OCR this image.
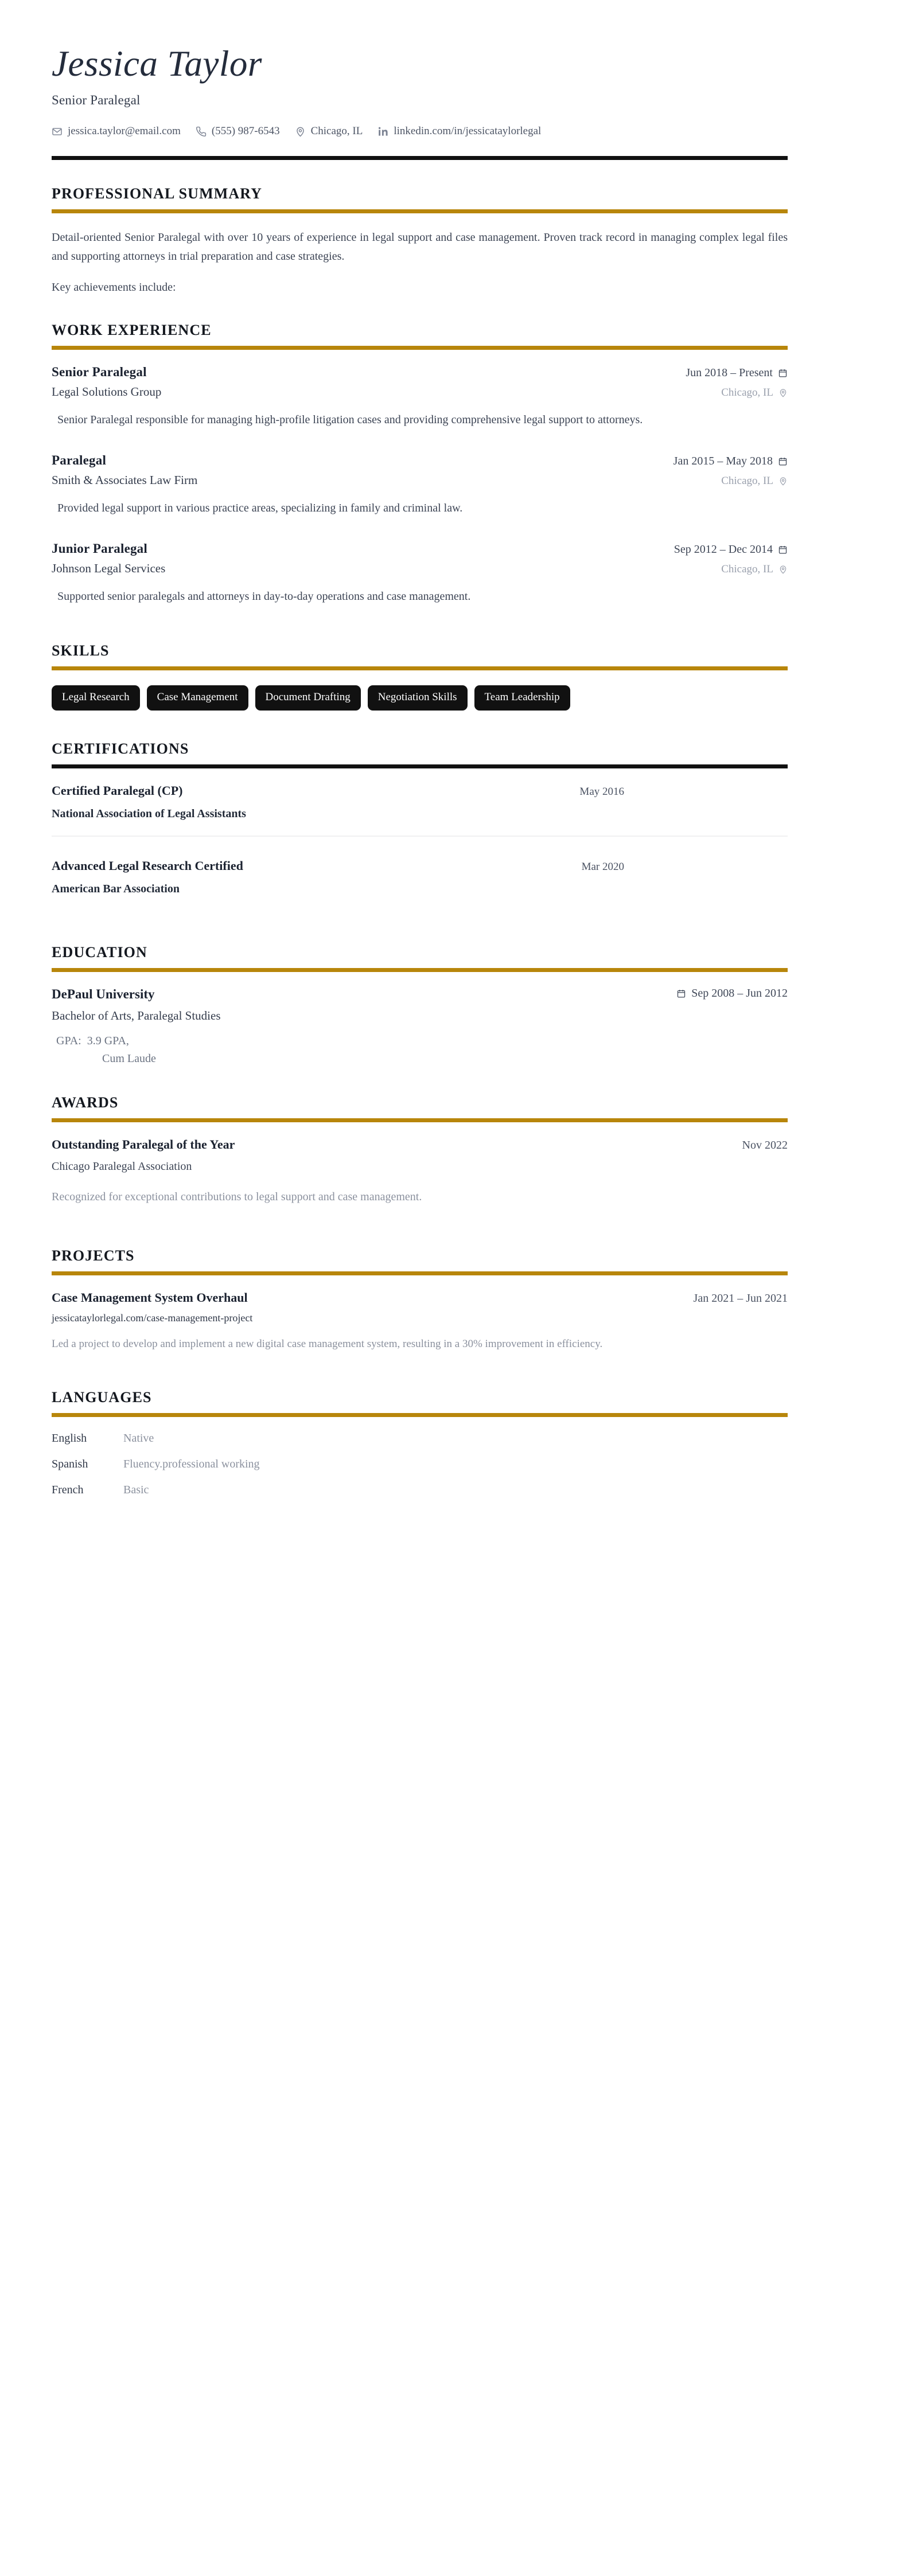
Jessica Taylor
Senior Paralegal
jessica.taylor@email.com	(555) 987-6543	Chicago, IL	linkedin.com/in/jessicataylorlegal
PROFESSIONAL SUMMARY

Detail-oriented Senior Paralegal with over 10 years of experience in legal support and case management. Proven track record in managing complex legal files and supporting attorneys in trial preparation and case strategies.

Key achievements include:

WORK EXPERIENCE
Senior Paralegal	Jun 2018 – Present
Legal Solutions Group	Chicago, IL
Senior Paralegal responsible for managing high-profile litigation cases and providing comprehensive legal support to attorneys.
Paralegal	Jan 2015 – May 2018
Smith & Associates Law Firm	Chicago, IL
Provided legal support in various practice areas, specializing in family and criminal law.
Junior Paralegal	Sep 2012 – Dec 2014
Johnson Legal Services	Chicago, IL
Supported senior paralegals and attorneys in day-to-day operations and case management.
SKILLS
Legal Research	Case Management	Document Drafting	Negotiation Skills	Team Leadership
CERTIFICATIONS
Certified Paralegal (CP)	May 2016
National Association of Legal Assistants
Advanced Legal Research Certified	Mar 2020
American Bar Association
EDUCATION
DePaul University	Sep 2008 – Jun 2012
Bachelor of Arts, Paralegal Studies
GPA: 3.9 GPA,
Cum Laude
AWARDS
Outstanding Paralegal of the Year	Nov 2022
Chicago Paralegal Association
Recognized for exceptional contributions to legal support and case management.
PROJECTS
Case Management System Overhaul	Jan 2021 – Jun 2021
jessicataylorlegal.com/case-management-project
Led a project to develop and implement a new digital case management system, resulting in a 30% improvement in efficiency.
LANGUAGES
English	Native
Spanish	Fluency.professional working
French	Basic
